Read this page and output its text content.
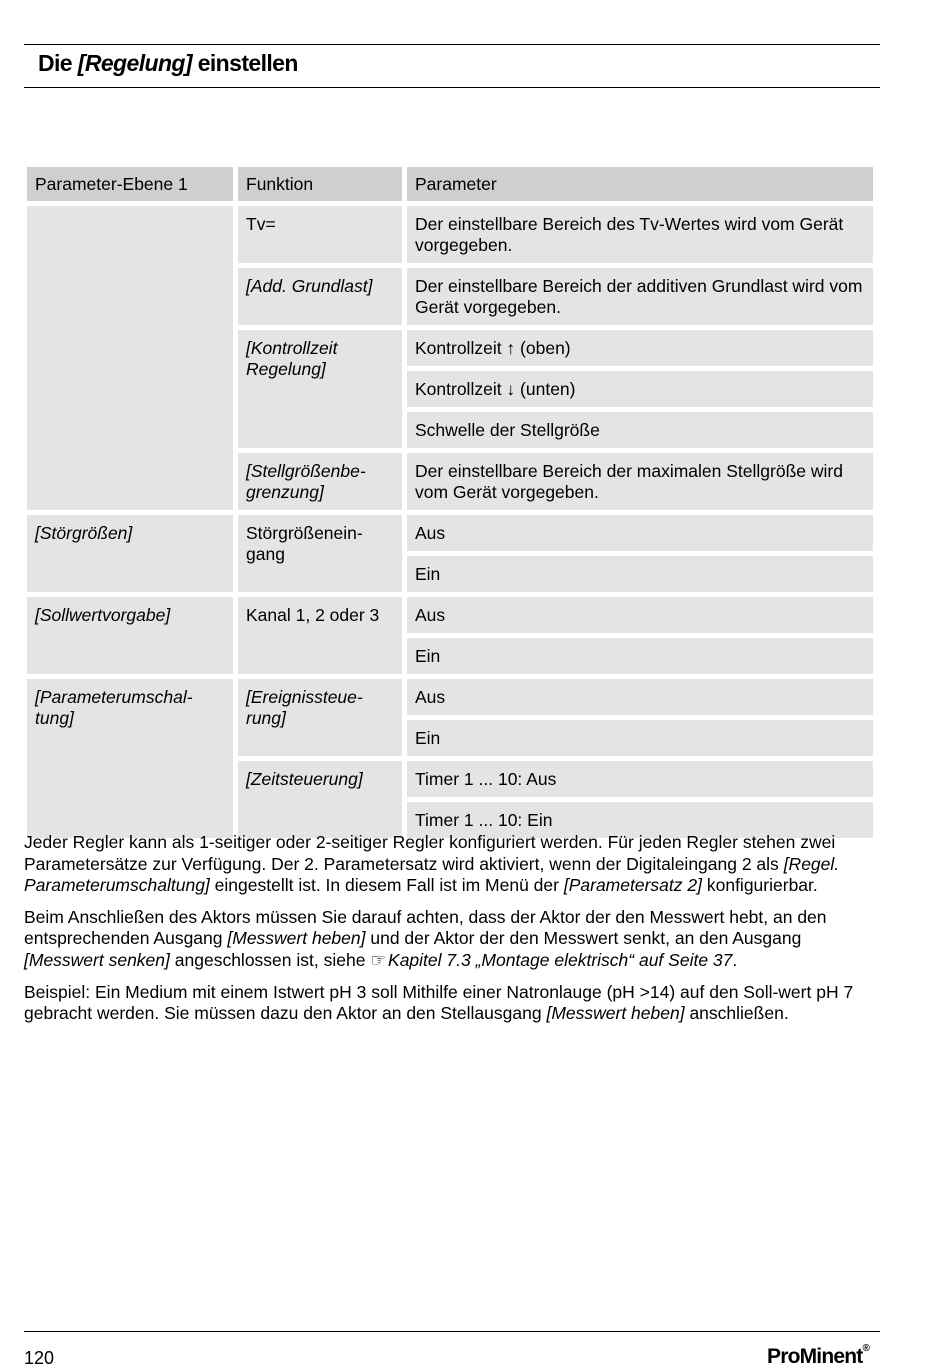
Die [Regelung] einstellen
Parameter-Ebene 1	Funktion	Parameter
	Tv=	Der einstellbare Bereich des Tv-Wertes wird vom Gerät vorgegeben.
	[Add. Grundlast]	Der einstellbare Bereich der additiven Grundlast wird vom Gerät vorgegeben.
	[Kontrollzeit Regelung]	Kontrollzeit ↑ (oben)
		Kontrollzeit ↓ (unten)
		Schwelle der Stellgröße
	[Stellgrößenbe-grenzung]	Der einstellbare Bereich der maximalen Stellgröße wird vom Gerät vorgegeben.
[Störgrößen]	Störgrößenein-gang	Aus
		Ein
[Sollwertvorgabe]	Kanal 1, 2 oder 3	Aus
		Ein
[Parameterumschal-tung]	[Ereignissteue-rung]	Aus
		Ein
	[Zeitsteuerung]	Timer 1 ... 10: Aus
		Timer 1 ... 10: Ein

Jeder Regler kann als 1-seitiger oder 2-seitiger Regler konfiguriert werden. Für jeden Regler stehen zwei Parametersätze zur Verfügung. Der 2. Parametersatz wird aktiviert, wenn der Digitaleingang 2 als [Regel. Parameterumschaltung] eingestellt ist. In diesem Fall ist im Menü der [Parametersatz 2] konfigurierbar.

Beim Anschließen des Aktors müssen Sie darauf achten, dass der Aktor der den Messwert hebt, an den entsprechenden Ausgang [Messwert heben] und der Aktor der den Messwert senkt, an den Ausgang [Messwert senken] angeschlossen ist, siehe ☞ Kapitel 7.3 „Montage elektrisch“ auf Seite 37.

Beispiel: Ein Medium mit einem Istwert pH 3 soll Mithilfe einer Natronlauge (pH >14) auf den Soll-wert pH 7 gebracht werden. Sie müssen dazu den Aktor an den Stellausgang [Messwert heben] anschließen.

120	ProMinent®
